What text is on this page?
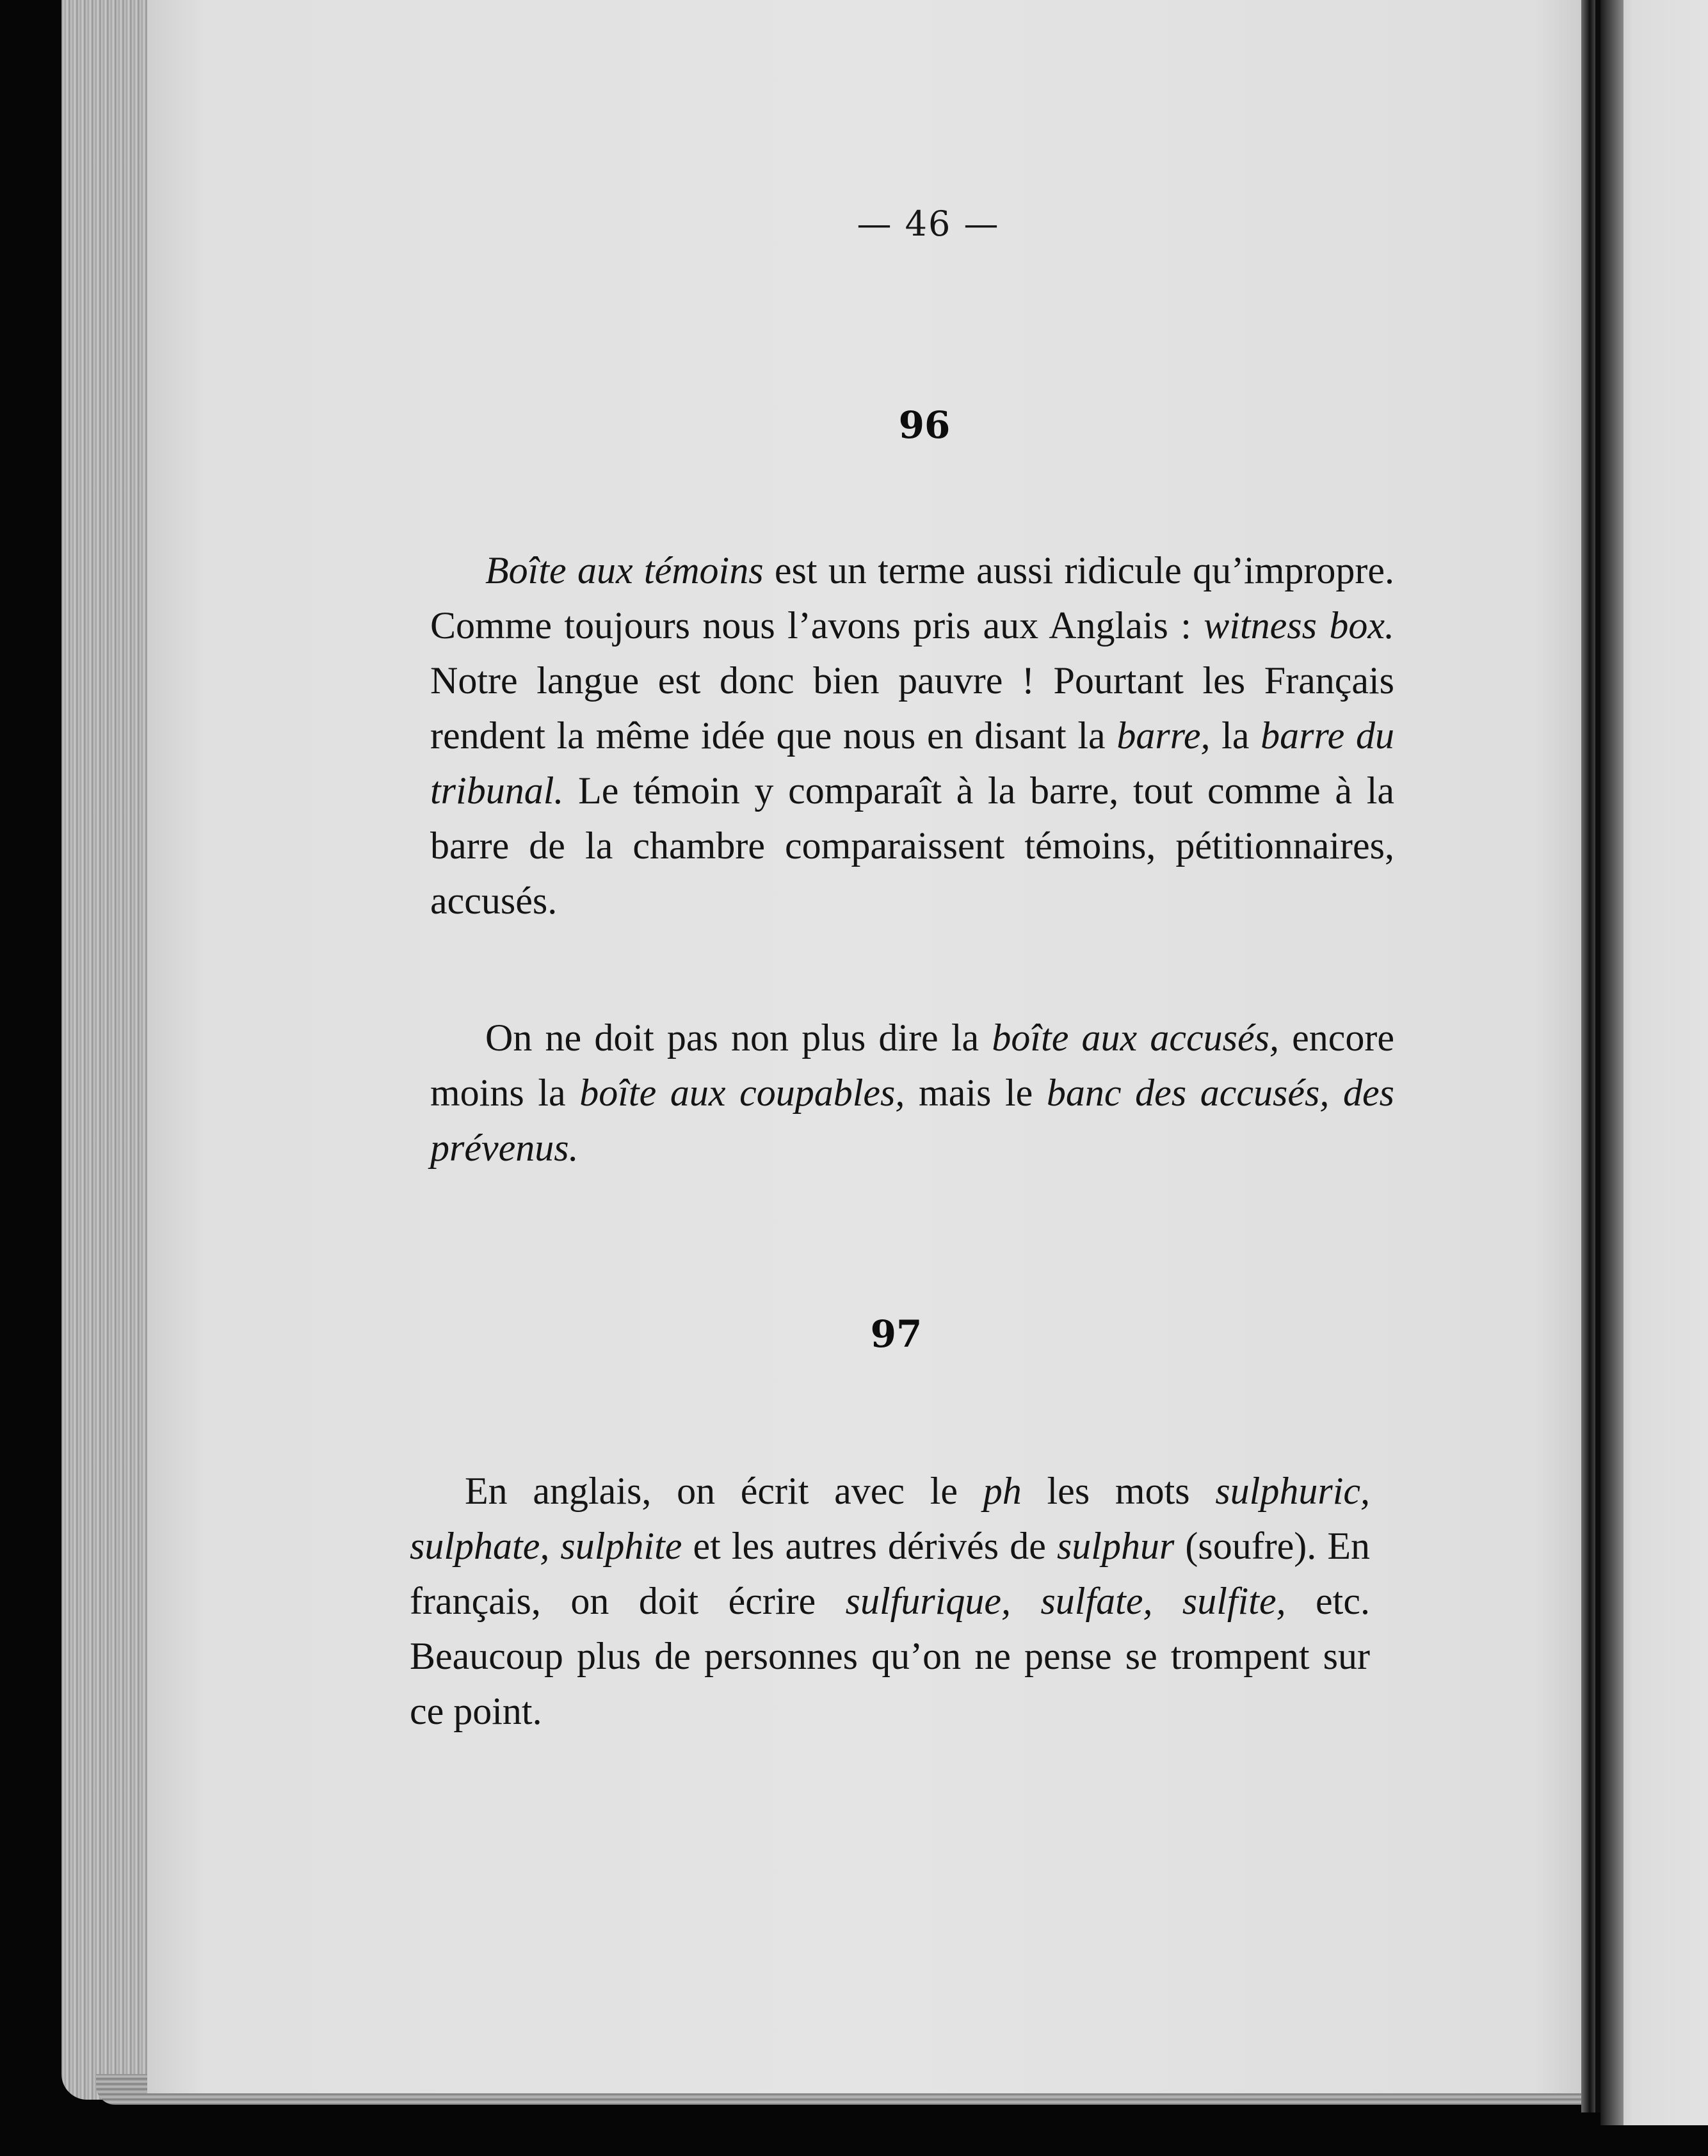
— 46 —
96
Boîte aux témoins est un terme aussi ridicule qu’impropre. Comme toujours nous l’avons pris aux Anglais : witness box. Notre langue est donc bien pauvre ! Pourtant les Français rendent la même idée que nous en disant la barre, la barre du tribunal. Le témoin y comparaît à la barre, tout comme à la barre de la chambre comparaissent témoins, pétitionnaires, accusés.
On ne doit pas non plus dire la boîte aux accusés, encore moins la boîte aux coupables, mais le banc des accusés, des prévenus.
97
En anglais, on écrit avec le ph les mots sulphuric, sulphate, sulphite et les autres dérivés de sulphur (soufre). En français, on doit écrire sulfurique, sulfate, sulfite, etc. Beaucoup plus de personnes qu’on ne pense se trompent sur ce point.
